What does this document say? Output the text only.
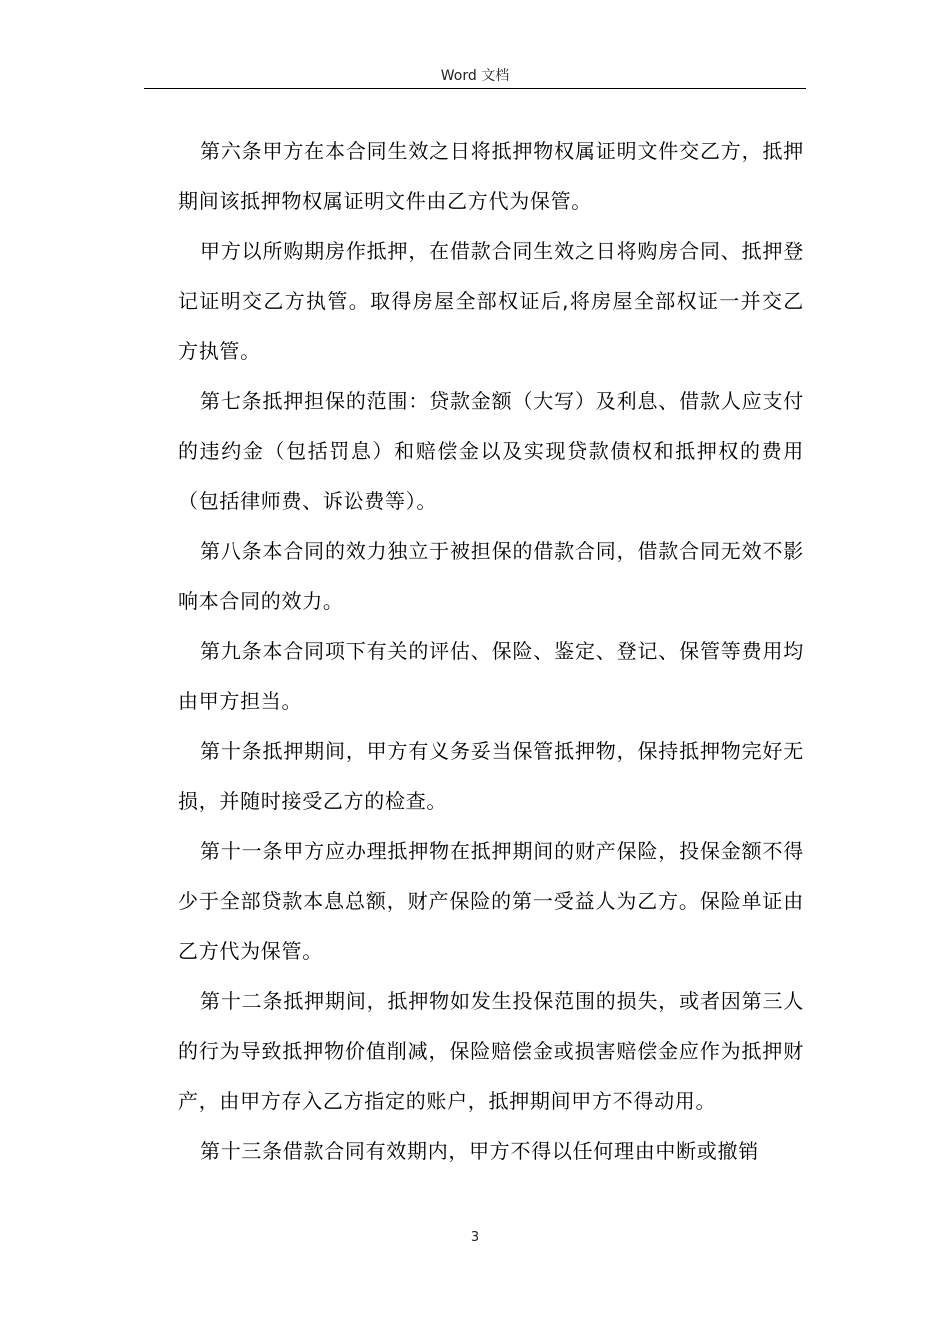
Word 文档

第六条甲方在本合同生效之日将抵押物权属证明文件交乙方，抵押期间该抵押物权属证明文件由乙方代为保管。

甲方以所购期房作抵押，在借款合同生效之日将购房合同、抵押登记证明交乙方执管。取得房屋全部权证后,将房屋全部权证一并交乙方执管。

第七条抵押担保的范围：贷款金额（大写）及利息、借款人应支付的违约金（包括罚息）和赔偿金以及实现贷款债权和抵押权的费用（包括律师费、诉讼费等）。

第八条本合同的效力独立于被担保的借款合同，借款合同无效不影响本合同的效力。

第九条本合同项下有关的评估、保险、鉴定、登记、保管等费用均由甲方担当。

第十条抵押期间，甲方有义务妥当保管抵押物，保持抵押物完好无损，并随时接受乙方的检查。

第十一条甲方应办理抵押物在抵押期间的财产保险，投保金额不得少于全部贷款本息总额，财产保险的第一受益人为乙方。保险单证由乙方代为保管。

第十二条抵押期间，抵押物如发生投保范围的损失，或者因第三人的行为导致抵押物价值削减，保险赔偿金或损害赔偿金应作为抵押财产，由甲方存入乙方指定的账户，抵押期间甲方不得动用。

第十三条借款合同有效期内，甲方不得以任何理由中断或撤销

3
